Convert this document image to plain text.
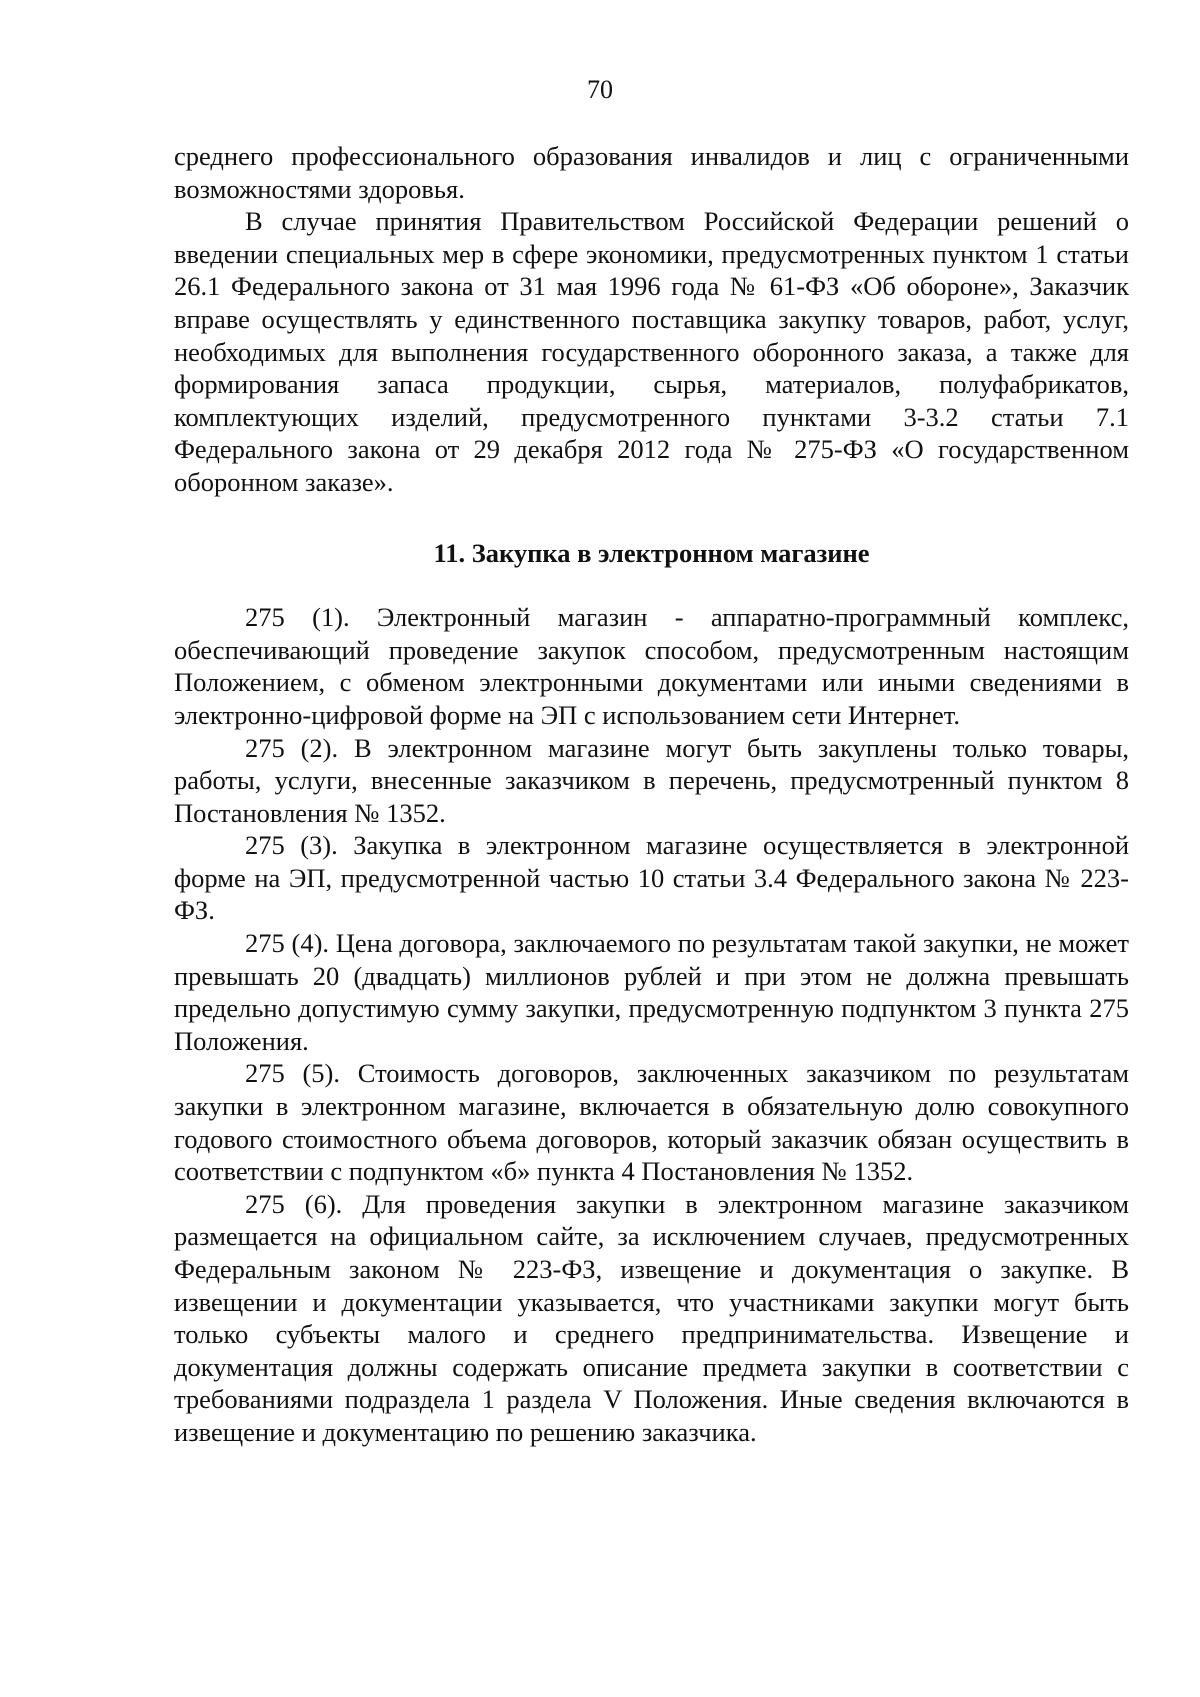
70

среднего профессионального образования инвалидов и лиц с ограниченными возможностями здоровья.

В случае принятия Правительством Российской Федерации решений о введении специальных мер в сфере экономики, предусмотренных пунктом 1 статьи 26.1 Федерального закона от 31 мая 1996 года № 61-ФЗ «Об обороне», Заказчик вправе осуществлять у единственного поставщика закупку товаров, работ, услуг, необходимых для выполнения государственного оборонного заказа, а также для формирования запаса продукции, сырья, материалов, полуфабрикатов, комплектующих изделий, предусмотренного пунктами 3-3.2 статьи 7.1 Федерального закона от 29 декабря 2012 года № 275-ФЗ «О государственном оборонном заказе».

11. Закупка в электронном магазине

275 (1). Электронный магазин - аппаратно-программный комплекс, обеспечивающий проведение закупок способом, предусмотренным настоящим Положением, с обменом электронными документами или иными сведениями в электронно-цифровой форме на ЭП с использованием сети Интернет.

275 (2). В электронном магазине могут быть закуплены только товары, работы, услуги, внесенные заказчиком в перечень, предусмотренный пунктом 8 Постановления № 1352.

275 (3). Закупка в электронном магазине осуществляется в электронной форме на ЭП, предусмотренной частью 10 статьи 3.4 Федерального закона № 223-ФЗ.

275 (4). Цена договора, заключаемого по результатам такой закупки, не может превышать 20 (двадцать) миллионов рублей и при этом не должна превышать предельно допустимую сумму закупки, предусмотренную подпунктом 3 пункта 275 Положения.

275 (5). Стоимость договоров, заключенных заказчиком по результатам закупки в электронном магазине, включается в обязательную долю совокупного годового стоимостного объема договоров, который заказчик обязан осуществить в соответствии с подпунктом «б» пункта 4 Постановления № 1352.

275 (6). Для проведения закупки в электронном магазине заказчиком размещается на официальном сайте, за исключением случаев, предусмотренных Федеральным законом № 223-ФЗ, извещение и документация о закупке. В извещении и документации указывается, что участниками закупки могут быть только субъекты малого и среднего предпринимательства. Извещение и документация должны содержать описание предмета закупки в соответствии с требованиями подраздела 1 раздела V Положения. Иные сведения включаются в извещение и документацию по решению заказчика.
